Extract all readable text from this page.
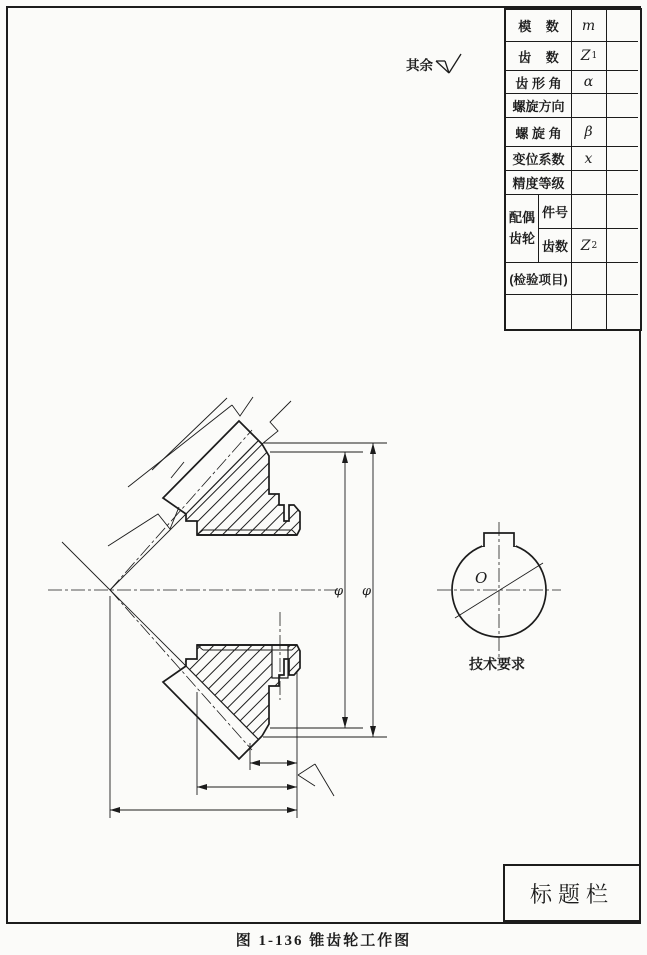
φ φ
O
技术要求
其余
模    数	m
齿    数	Z 1
齿 形 角	α
螺旋方向
螺 旋 角	β
变位系数	x
精度等级
配偶
齿轮
件号
齿数 Z 2
(检验项目)
标题栏
图 1-136 锥齿轮工作图
